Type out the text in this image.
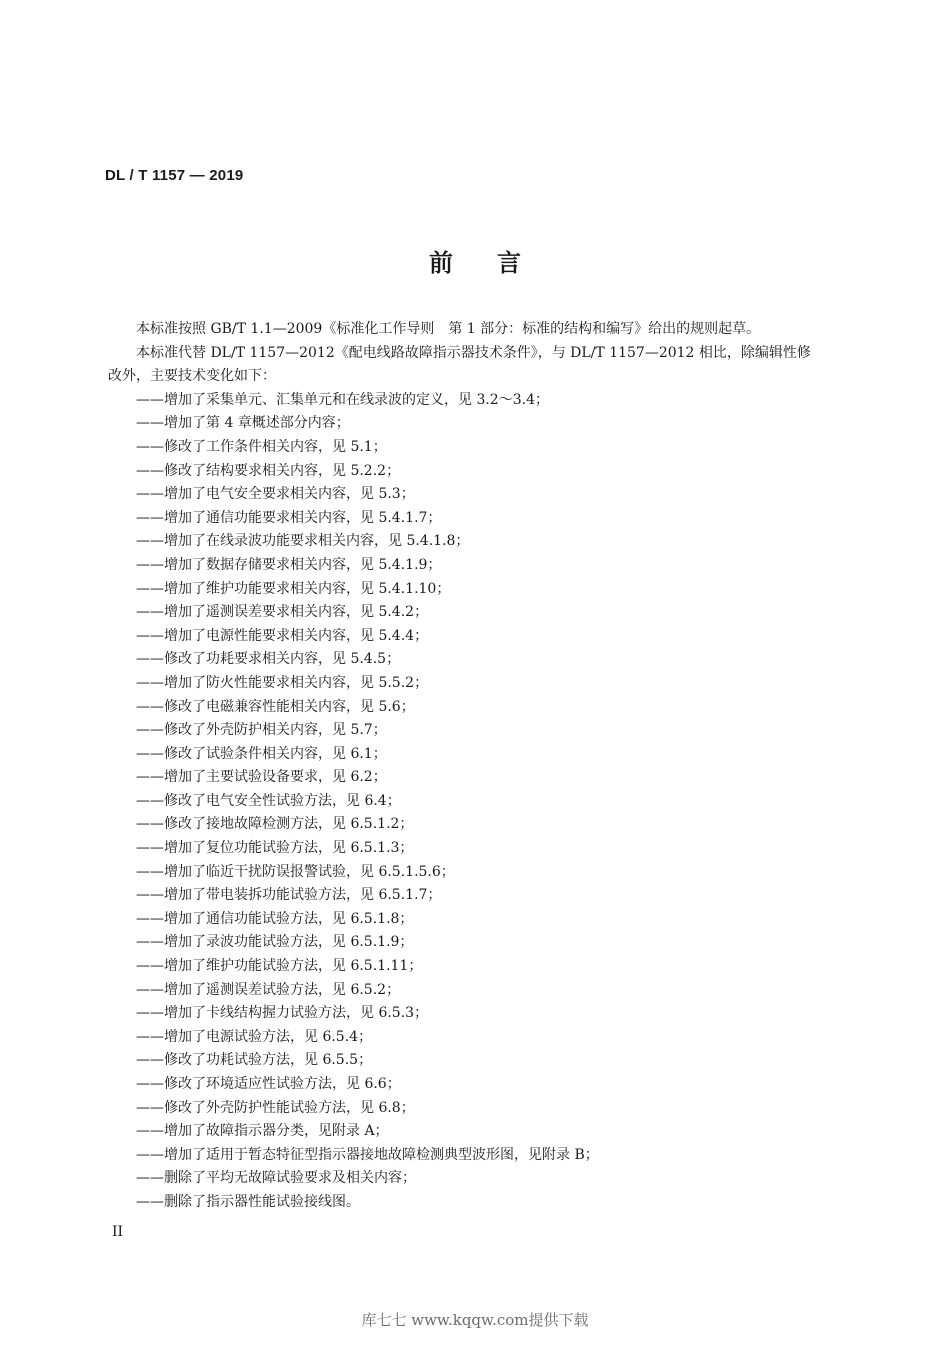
DL / T 1157 — 2019
前言

本标准按照 GB/T 1.1—2009《标准化工作导则　第 1 部分：标准的结构和编写》给出的规则起草。

本标准代替 DL/T 1157—2012《配电线路故障指示器技术条件》，与 DL/T 1157—2012 相比，除编辑性修改外，主要技术变化如下：

——增加了采集单元、汇集单元和在线录波的定义，见 3.2～3.4；
——增加了第 4 章概述部分内容；
——修改了工作条件相关内容，见 5.1；
——修改了结构要求相关内容，见 5.2.2；
——增加了电气安全要求相关内容，见 5.3；
——增加了通信功能要求相关内容，见 5.4.1.7；
——增加了在线录波功能要求相关内容，见 5.4.1.8；
——增加了数据存储要求相关内容，见 5.4.1.9；
——增加了维护功能要求相关内容，见 5.4.1.10；
——增加了遥测误差要求相关内容，见 5.4.2；
——增加了电源性能要求相关内容，见 5.4.4；
——修改了功耗要求相关内容，见 5.4.5；
——增加了防火性能要求相关内容，见 5.5.2；
——修改了电磁兼容性能相关内容，见 5.6；
——修改了外壳防护相关内容，见 5.7；
——修改了试验条件相关内容，见 6.1；
——增加了主要试验设备要求，见 6.2；
——修改了电气安全性试验方法，见 6.4；
——修改了接地故障检测方法，见 6.5.1.2；
——增加了复位功能试验方法，见 6.5.1.3；
——增加了临近干扰防误报警试验，见 6.5.1.5.6；
——增加了带电装拆功能试验方法，见 6.5.1.7；
——增加了通信功能试验方法，见 6.5.1.8；
——增加了录波功能试验方法，见 6.5.1.9；
——增加了维护功能试验方法，见 6.5.1.11；
——增加了遥测误差试验方法，见 6.5.2；
——增加了卡线结构握力试验方法，见 6.5.3；
——增加了电源试验方法，见 6.5.4；
——修改了功耗试验方法，见 6.5.5；
——修改了环境适应性试验方法，见 6.6；
——修改了外壳防护性能试验方法，见 6.8；
——增加了故障指示器分类，见附录 A；
——增加了适用于暂态特征型指示器接地故障检测典型波形图，见附录 B；
——删除了平均无故障试验要求及相关内容；
——删除了指示器性能试验接线图。
II
库七七 www.kqqw.com提供下载
